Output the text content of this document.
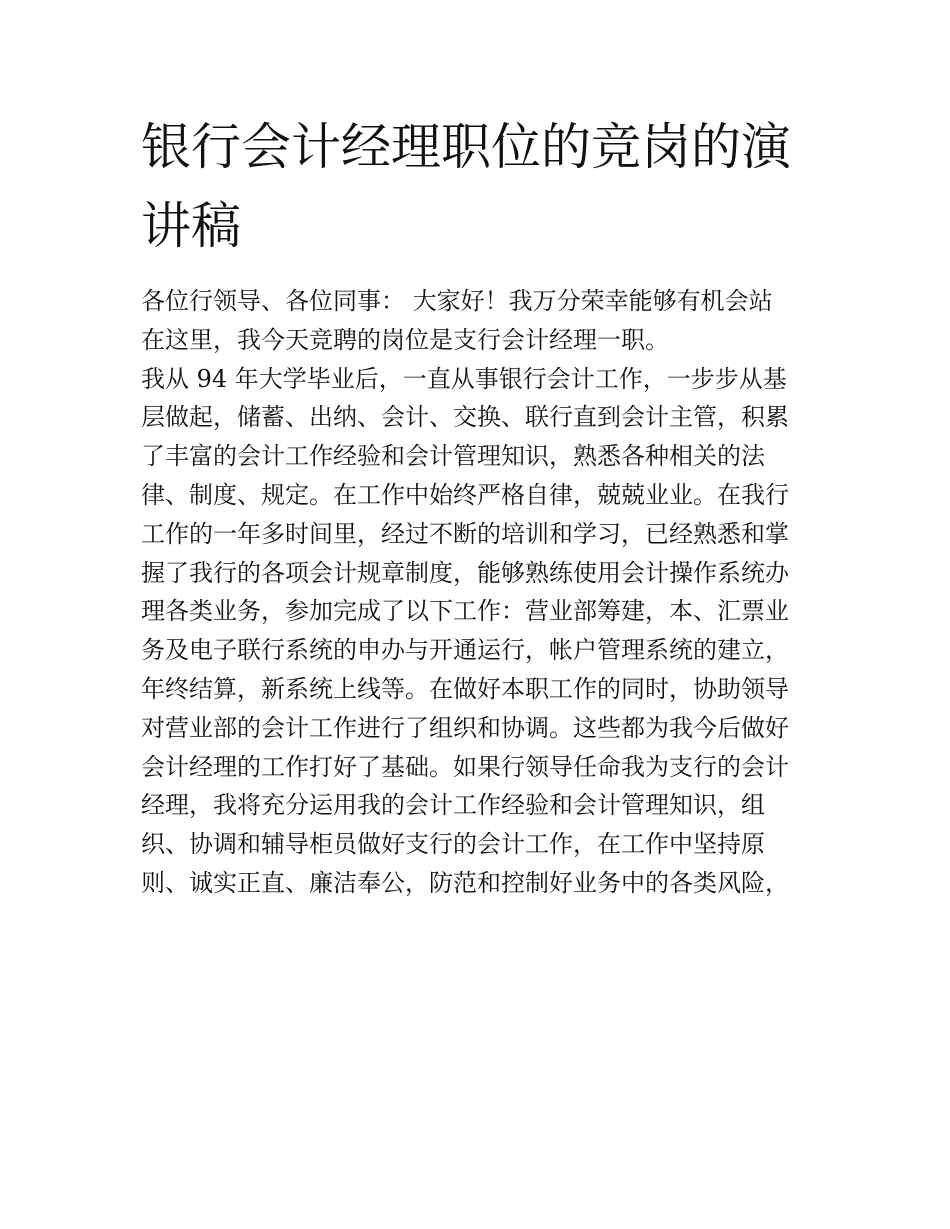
银行会计经理职位的竞岗的演
讲稿
各位行领导、各位同事： 大家好！我万分荣幸能够有机会站
在这里，我今天竞聘的岗位是支行会计经理一职。
我从 94 年大学毕业后，一直从事银行会计工作，一步步从基
层做起，储蓄、出纳、会计、交换、联行直到会计主管，积累
了丰富的会计工作经验和会计管理知识，熟悉各种相关的法
律、制度、规定。在工作中始终严格自律，兢兢业业。在我行
工作的一年多时间里，经过不断的培训和学习，已经熟悉和掌
握了我行的各项会计规章制度，能够熟练使用会计操作系统办
理各类业务，参加完成了以下工作：营业部筹建，本、汇票业
务及电子联行系统的申办与开通运行，帐户管理系统的建立，
年终结算，新系统上线等。在做好本职工作的同时，协助领导
对营业部的会计工作进行了组织和协调。这些都为我今后做好
会计经理的工作打好了基础。如果行领导任命我为支行的会计
经理，我将充分运用我的会计工作经验和会计管理知识，组
织、协调和辅导柜员做好支行的会计工作，在工作中坚持原
则、诚实正直、廉洁奉公，防范和控制好业务中的各类风险，
